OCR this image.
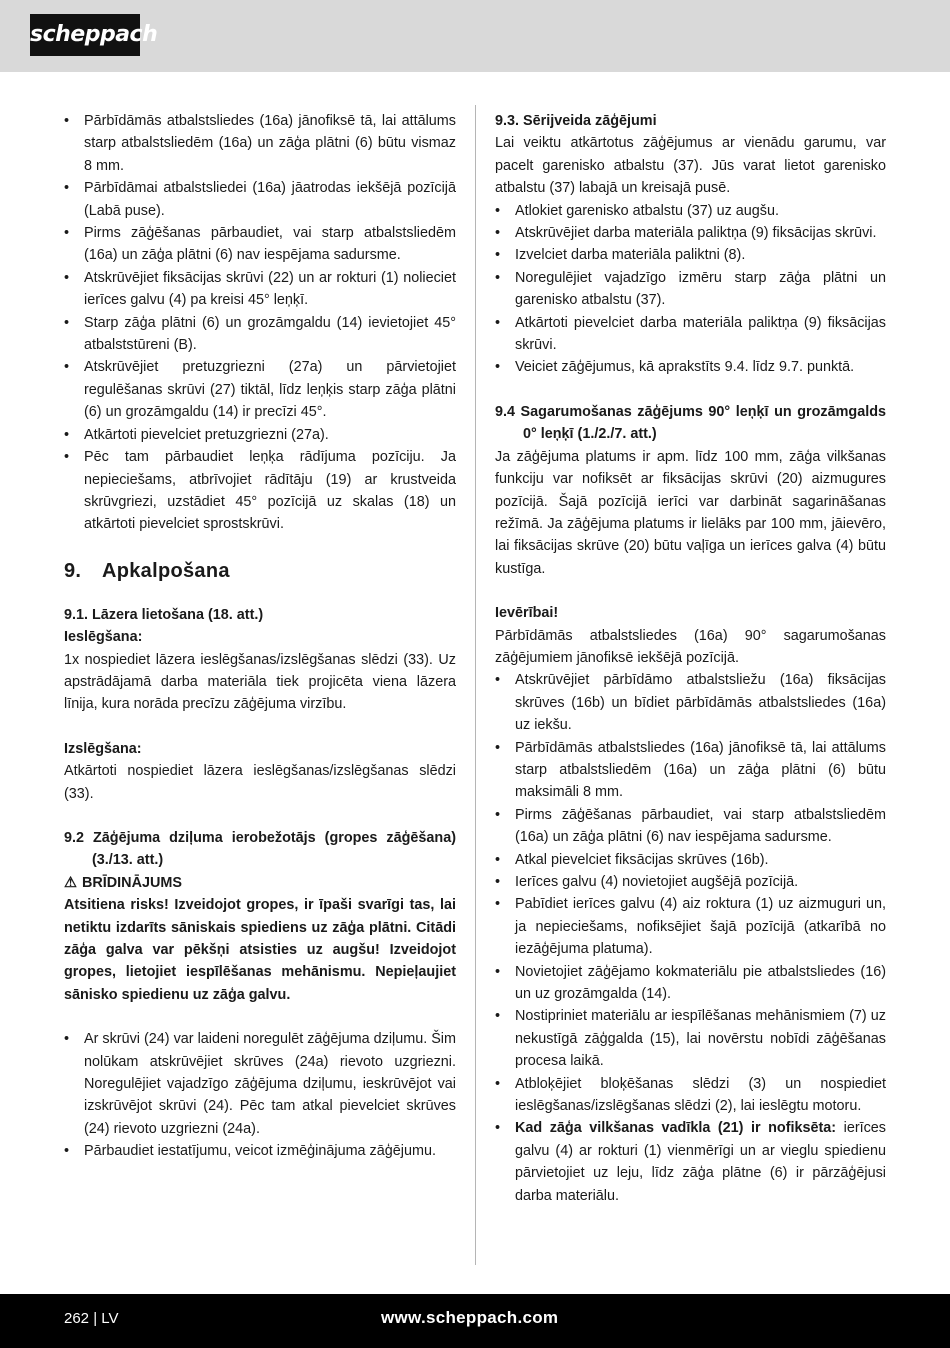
scheppach
• Pārbīdāmās atbalstsliedes (16a) jānofiksē tā, lai attālums starp atbalstsliedēm (16a) un zāģa plātni (6) būtu vismaz 8 mm.
• Pārbīdāmai atbalstsliedei (16a) jāatrodas iekšējā pozīcijā (Labā puse).
• Pirms zāģēšanas pārbaudiet, vai starp atbalstsliedēm (16a) un zāģa plātni (6) nav iespējama sadursme.
• Atskrūvējiet fiksācijas skrūvi (22) un ar rokturi (1) nolieciet ierīces galvu (4) pa kreisi 45° leņķī.
• Starp zāģa plātni (6) un grozāmgaldu (14) ievietojiet 45° atbalststūreni (B).
• Atskrūvējiet pretuzgriezni (27a) un pārvietojiet regulēšanas skrūvi (27) tiktāl, līdz leņķis starp zāģa plātni (6) un grozāmgaldu (14) ir precīzi 45°.
• Atkārtoti pievelciet pretuzgriezni (27a).
• Pēc tam pārbaudiet leņķa rādījuma pozīciju. Ja nepieciešams, atbrīvojiet rādītāju (19) ar krustveida skrūvgriezi, uzstādiet 45° pozīcijā uz skalas (18) un atkārtoti pievelciet sprostskrūvi.

9. Apkalpošana

9.1. Lāzera lietošana (18. att.)

Ieslēgšana:

1x nospiediet lāzera ieslēgšanas/izslēgšanas slēdzi (33). Uz apstrādājamā darba materiāla tiek projicēta viena lāzera līnija, kura norāda precīzu zāģējuma virzību.

Izslēgšana:

Atkārtoti nospiediet lāzera ieslēgšanas/izslēgšanas slēdzi (33).

9.2 Zāģējuma dziļuma ierobežotājs (gropes zāģēšana) (3./13. att.)

⚠ BRĪDINĀJUMS

Atsitiena risks! Izveidojot gropes, ir īpaši svarīgi tas, lai netiktu izdarīts sāniskais spiediens uz zāģa plātni. Citādi zāģa galva var pēkšņi atsisties uz augšu! Izveidojot gropes, lietojiet iespīlēšanas mehānismu. Nepieļaujiet sānisko spiedienu uz zāģa galvu.

• Ar skrūvi (24) var laideni noregulēt zāģējuma dziļumu. Šim nolūkam atskrūvējiet skrūves (24a) rievoto uzgriezni. Noregulējiet vajadzīgo zāģējuma dziļumu, ieskrūvējot vai izskrūvējot skrūvi (24). Pēc tam atkal pievelciet skrūves (24) rievoto uzgriezni (24a).
• Pārbaudiet iestatījumu, veicot izmēģinājuma zāģējumu.

9.3. Sērijveida zāģējumi

Lai veiktu atkārtotus zāģējumus ar vienādu garumu, var pacelt garenisko atbalstu (37). Jūs varat lietot garenisko atbalstu (37) labajā un kreisajā pusē.

• Atlokiet garenisko atbalstu (37) uz augšu.
• Atskrūvējiet darba materiāla paliktņa (9) fiksācijas skrūvi.
• Izvelciet darba materiāla paliktni (8).
• Noregulējiet vajadzīgo izmēru starp zāģa plātni un garenisko atbalstu (37).
• Atkārtoti pievelciet darba materiāla paliktņa (9) fiksācijas skrūvi.
• Veiciet zāģējumus, kā aprakstīts 9.4. līdz 9.7. punktā.

9.4 Sagarumošanas zāģējums 90° leņķī un grozāmgalds 0° leņķī (1./2./7. att.)

Ja zāģējuma platums ir apm. līdz 100 mm, zāģa vilkšanas funkciju var nofiksēt ar fiksācijas skrūvi (20) aizmugures pozīcijā. Šajā pozīcijā ierīci var darbināt sagarināšanas režīmā. Ja zāģējuma platums ir lielāks par 100 mm, jāievēro, lai fiksācijas skrūve (20) būtu vaļīga un ierīces galva (4) būtu kustīga.

Ievērībai!

Pārbīdāmās atbalstsliedes (16a) 90° sagarumošanas zāģējumiem jānofiksē iekšējā pozīcijā.

• Atskrūvējiet pārbīdāmo atbalstsliežu (16a) fiksācijas skrūves (16b) un bīdiet pārbīdāmās atbalstsliedes (16a) uz iekšu.
• Pārbīdāmās atbalstsliedes (16a) jānofiksē tā, lai attālums starp atbalstsliedēm (16a) un zāģa plātni (6) būtu maksimāli 8 mm.
• Pirms zāģēšanas pārbaudiet, vai starp atbalstsliedēm (16a) un zāģa plātni (6) nav iespējama sadursme.
• Atkal pievelciet fiksācijas skrūves (16b).
• Ierīces galvu (4) novietojiet augšējā pozīcijā.
• Pabīdiet ierīces galvu (4) aiz roktura (1) uz aizmuguri un, ja nepieciešams, nofiksējiet šajā pozīcijā (atkarībā no iezāģējuma platuma).
• Novietojiet zāģējamo kokmateriālu pie atbalstsliedes (16) un uz grozāmgalda (14).
• Nostipriniet materiālu ar iespīlēšanas mehānismiem (7) uz nekustīgā zāģgalda (15), lai novērstu nobīdi zāģēšanas procesa laikā.
• Atbloķējiet bloķēšanas slēdzi (3) un nospiediet ieslēgšanas/izslēgšanas slēdzi (2), lai ieslēgtu motoru.
• Kad zāģa vilkšanas vadīkla (21) ir nofiksēta: ierīces galvu (4) ar rokturi (1) vienmērīgi un ar vieglu spiedienu pārvietojiet uz leju, līdz zāģa plātne (6) ir pārzāģējusi darba materiālu.
262 | LV	www.scheppach.com
